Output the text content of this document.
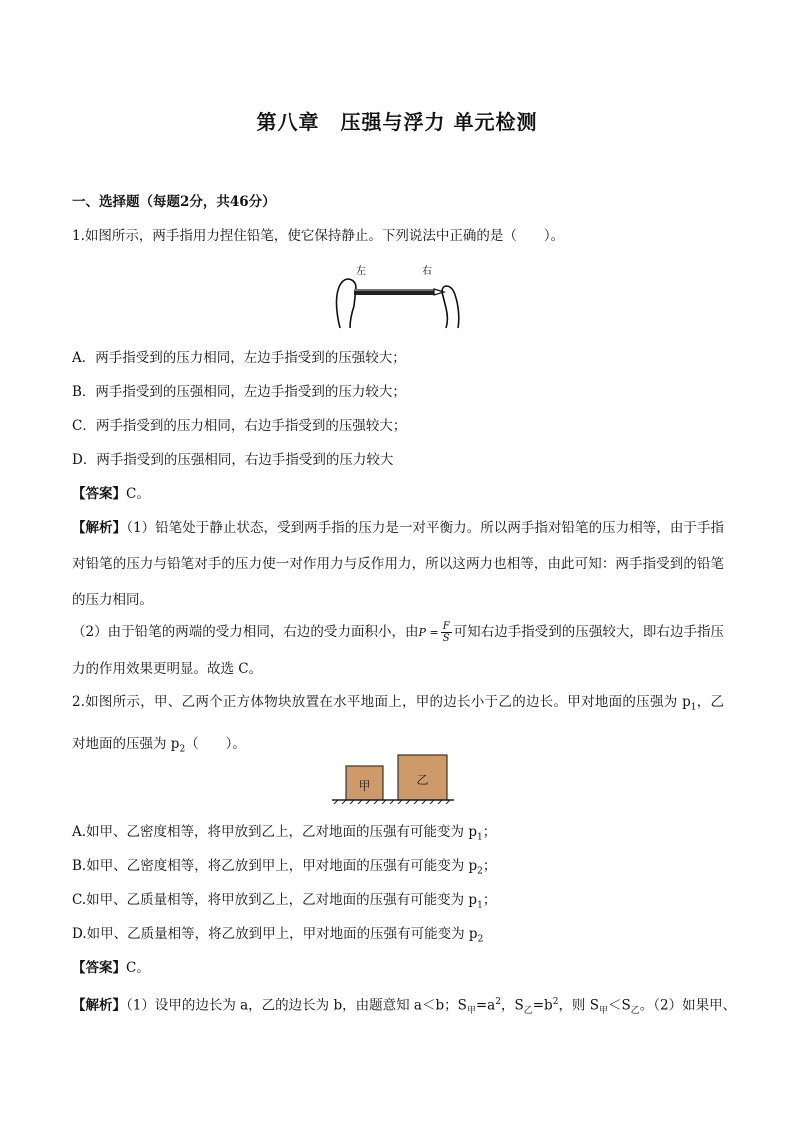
第八章　压强与浮力 单元检测
一、选择题（每题2分，共46分）
1.如图所示，两手指用力捏住铅笔，使它保持静止。下列说法中正确的是（　　）。
左	右
A．两手指受到的压力相同，左边手指受到的压强较大；
B．两手指受到的压强相同，左边手指受到的压力较大；
C．两手指受到的压力相同，右边手指受到的压强较大；
D．两手指受到的压强相同，右边手指受到的压力较大
【答案】C。
【解析】（1）铅笔处于静止状态，受到两手指的压力是一对平衡力。所以两手指对铅笔的压力相等，由于手指对铅笔的压力与铅笔对手的压力使一对作用力与反作用力，所以这两力也相等，由此可知：两手指受到的铅笔的压力相同。
（2）由于铅笔的两端的受力相同，右边的受力面积小，由$P = \frac{F}{S}$ 可知右边手指受到的压强较大，即右边手指压力的作用效果更明显。故选 C。
2.如图所示，甲、乙两个正方体物块放置在水平地面上，甲的边长小于乙的边长。甲对地面的压强为 $p_1$，乙对地面的压强为 $p_2$（　　）。
甲	乙
A.如甲、乙密度相等，将甲放到乙上，乙对地面的压强有可能变为 $p_1$；
B.如甲、乙密度相等，将乙放到甲上，甲对地面的压强有可能变为 $p_2$；
C.如甲、乙质量相等，将甲放到乙上，乙对地面的压强有可能变为 $p_1$；
D.如甲、乙质量相等，将乙放到甲上，甲对地面的压强有可能变为 $p_2$
【答案】C。
【解析】（1）设甲的边长为 a，乙的边长为 b，由题意知 a＜b；$S_甲=a^2$，$S_乙=b^2$，则 $S_甲<S_乙$。（2）如果甲、
